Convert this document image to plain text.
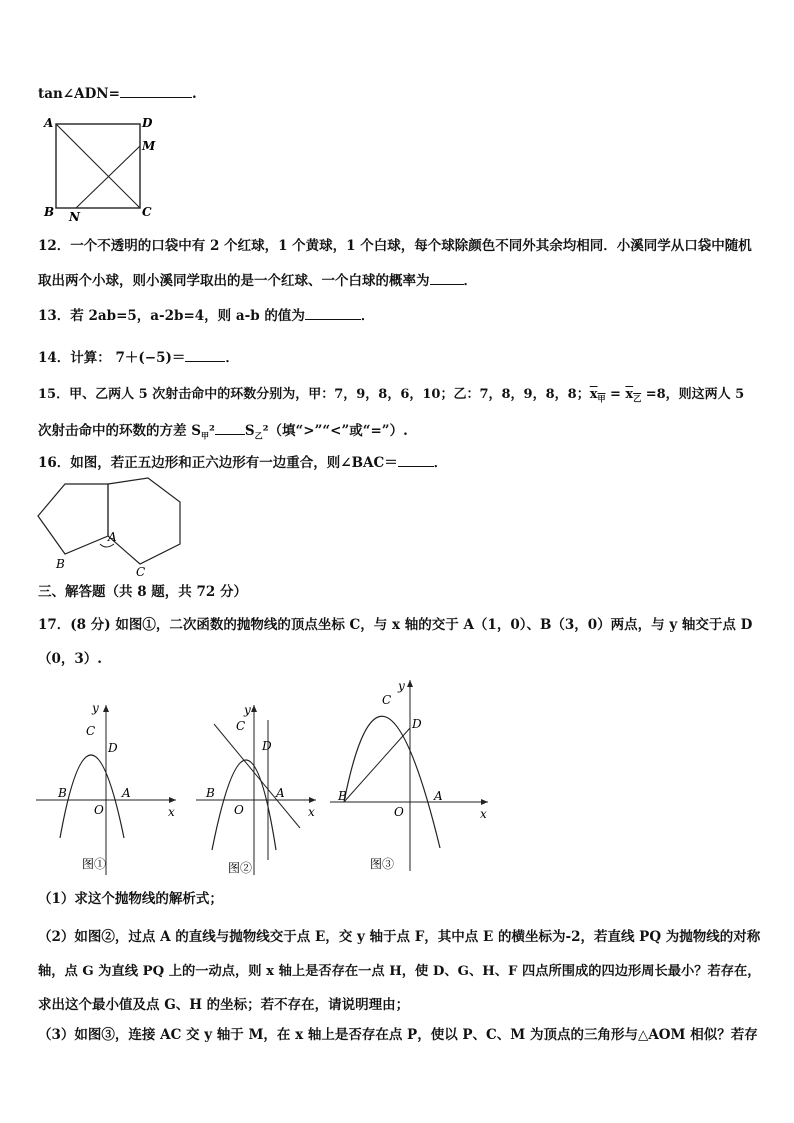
tan∠ADN=	.
A	D
M
B N	C
12．一个不透明的口袋中有 2 个红球，1 个黄球，1 个白球，每个球除颜色不同外其余均相同．小溪同学从口袋中随机
取出两个小球，则小溪同学取出的是一个红球、一个白球的概率为	．
13．若 2ab=5，a-2b=4，则 a-b 的值为	．
14．计算： 7＋(−5)＝	．
15．甲、乙两人 5 次射击命中的环数分别为，甲：7，9，8，6，10；乙：7，8，9，8，8；$x_甲 = x_乙 =8$，则这两人 5
次射击命中的环数的方差 $S_甲^2$ $S_乙^2$（填“>”“<”或“=”）.
16．如图，若正五边形和正六边形有一边重合，则∠BAC＝	．
A
B
C
三、解答题（共 8 题，共 72 分）
17．(8 分) 如图①，二次函数的抛物线的顶点坐标 C，与 x 轴的交于 A（1，0）、B（3，0）两点，与 y 轴交于点 D
（0，3）.
y
x
C
D
B
O
A
图①
y
x
C
D
B
O
A
图②
y
x
C
D
B
O
A
图③
（1）求这个抛物线的解析式；
（2）如图②，过点 A 的直线与抛物线交于点 E，交 y 轴于点 F，其中点 E 的横坐标为-2，若直线 PQ 为抛物线的对称
轴，点 G 为直线 PQ 上的一动点，则 x 轴上是否存在一点 H，使 D、G、H、F 四点所围成的四边形周长最小？若存在，
求出这个最小值及点 G、H 的坐标；若不存在，请说明理由；
（3）如图③，连接 AC 交 y 轴于 M，在 x 轴上是否存在点 P，使以 P、C、M 为顶点的三角形与△AOM 相似？若存
